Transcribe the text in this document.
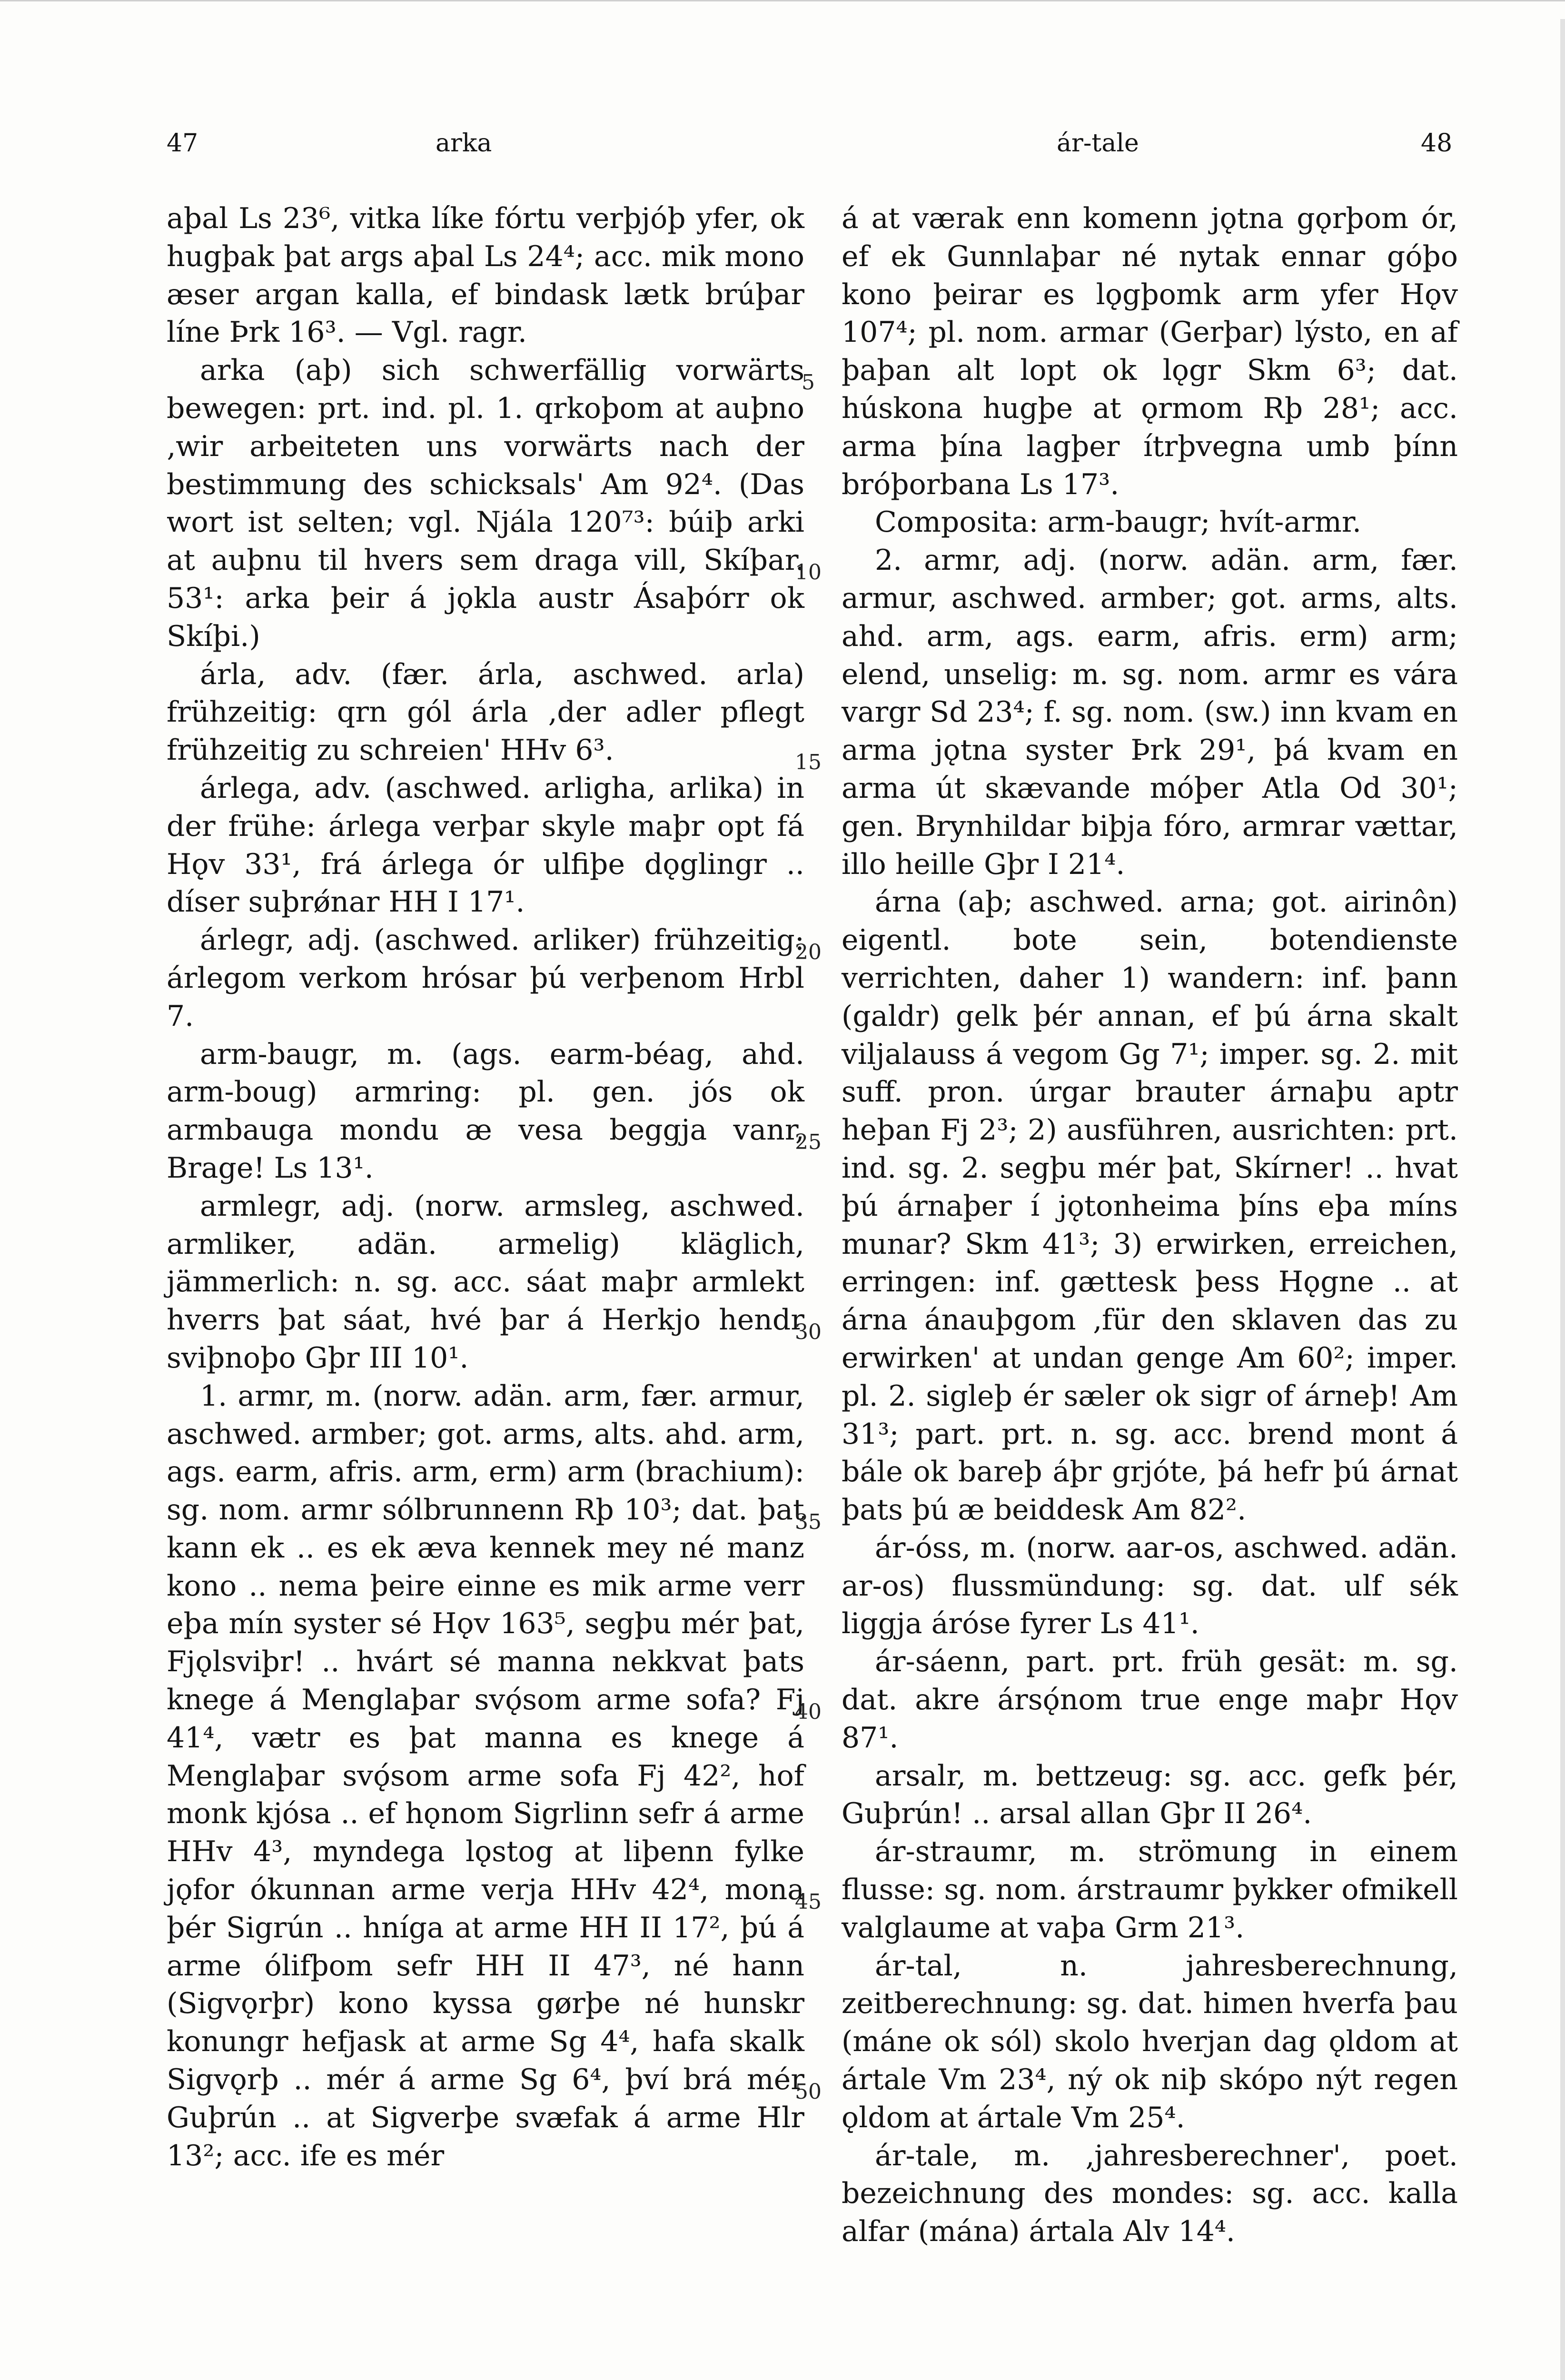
47	arka	ár-tale	48

aþal Ls 23⁶, vitka líke fórtu verþjóþ yfer, ok hugþak þat args aþal Ls 24⁴; acc. mik mono æser argan kalla, ef bindask lætk brúþar líne Þrk 16³. — Vgl. ragr.

arka (aþ) sich schwerfällig vorwärts bewegen: prt. ind. pl. 1. qrkoþom at auþno ‚wir arbeiteten uns vorwärts nach der bestimmung des schicksals' Am 92⁴. (Das wort ist selten; vgl. Njála 120⁷³: búiþ arki at auþnu til hvers sem draga vill, Skíþar. 53¹: arka þeir á jǫkla austr Ásaþórr ok Skíþi.)

árla, adv. (fær. árla, aschwed. arla) frühzeitig: qrn gól árla ‚der adler pflegt frühzeitig zu schreien' HHv 6³.

árlega, adv. (aschwed. arligha, arlika) in der frühe: árlega verþar skyle maþr opt fá Hǫv 33¹, frá árlega ór ulfiþe dǫglingr .. díser suþrǿnar HH I 17¹.

árlegr, adj. (aschwed. arliker) frühzeitig: árlegom verkom hrósar þú verþenom Hrbl 7.

arm-baugr, m. (ags. earm-béag, ahd. arm-boug) armring: pl. gen. jós ok armbauga mondu æ vesa beggja vanr, Brage! Ls 13¹.

armlegr, adj. (norw. armsleg, aschwed. armliker, adän. armelig) kläglich, jämmerlich: n. sg. acc. sáat maþr armlekt hverrs þat sáat, hvé þar á Herkjo hendr sviþnoþo Gþr III 10¹.

1. armr, m. (norw. adän. arm, fær. armur, aschwed. armber; got. arms, alts. ahd. arm, ags. earm, afris. arm, erm) arm (brachium): sg. nom. armr sólbrunnenn Rþ 10³; dat. þat kann ek .. es ek æva kennek mey né manz kono .. nema þeire einne es mik arme verr eþa mín syster sé Hǫv 163⁵, segþu mér þat, Fjǫlsviþr! .. hvárt sé manna nekkvat þats knege á Menglaþar svǫ́som arme sofa? Fj 41⁴, vætr es þat manna es knege á Menglaþar svǫ́som arme sofa Fj 42², hof monk kjósa .. ef hǫnom Sigrlinn sefr á arme HHv 4³, myndega lǫstog at liþenn fylke jǫfor ókunnan arme verja HHv 42⁴, mona þér Sigrún .. hníga at arme HH II 17², þú á arme ólifþom sefr HH II 47³, né hann (Sigvǫrþr) kono kyssa gørþe né hunskr konungr hefjask at arme Sg 4⁴, hafa skalk Sigvǫrþ .. mér á arme Sg 6⁴, því brá mér Guþrún .. at Sigverþe svæfak á arme Hlr 13²; acc. ife es mér

á at værak enn komenn jǫtna gǫrþom ór, ef ek Gunnlaþar né nytak ennar góþo kono þeirar es lǫgþomk arm yfer Hǫv 107⁴; pl. nom. armar (Gerþar) lýsto, en af þaþan alt lopt ok lǫgr Skm 6³; dat. húskona hugþe at ǫrmom Rþ 28¹; acc. arma þína lagþer ítrþvegna umb þínn bróþorbana Ls 17³.

Composita: arm-baugr; hvít-armr.

2. armr, adj. (norw. adän. arm, fær. armur, aschwed. armber; got. arms, alts. ahd. arm, ags. earm, afris. erm) arm; elend, unselig: m. sg. nom. armr es vára vargr Sd 23⁴; f. sg. nom. (sw.) inn kvam en arma jǫtna syster Þrk 29¹, þá kvam en arma út skævande móþer Atla Od 30¹; gen. Brynhildar biþja fóro, armrar vættar, illo heille Gþr I 21⁴.

árna (aþ; aschwed. arna; got. airinôn) eigentl. bote sein, botendienste verrichten, daher 1) wandern: inf. þann (galdr) gelk þér annan, ef þú árna skalt viljalauss á vegom Gg 7¹; imper. sg. 2. mit suff. pron. úrgar brauter árnaþu aptr heþan Fj 2³; 2) ausführen, ausrichten: prt. ind. sg. 2. segþu mér þat, Skírner! .. hvat þú árnaþer í jǫtonheima þíns eþa míns munar? Skm 41³; 3) erwirken, erreichen, erringen: inf. gættesk þess Hǫgne .. at árna ánauþgom ‚für den sklaven das zu erwirken' at undan genge Am 60²; imper. pl. 2. sigleþ ér sæler ok sigr of árneþ! Am 31³; part. prt. n. sg. acc. brend mont á bále ok bareþ áþr grjóte, þá hefr þú árnat þats þú æ beiddesk Am 82².

ár-óss, m. (norw. aar-os, aschwed. adän. ar-os) flussmündung: sg. dat. ulf sék liggja áróse fyrer Ls 41¹.

ár-sáenn, part. prt. früh gesät: m. sg. dat. akre ársǫ́nom true enge maþr Hǫv 87¹.

arsalr, m. bettzeug: sg. acc. gefk þér, Guþrún! .. arsal allan Gþr II 26⁴.

ár-straumr, m. strömung in einem flusse: sg. nom. árstraumr þykker ofmikell valglaume at vaþa Grm 21³.

ár-tal, n. jahresberechnung, zeitberechnung: sg. dat. himen hverfa þau (máne ok sól) skolo hverjan dag ǫldom at ártale Vm 23⁴, ný ok niþ skópo nýt regen ǫldom at ártale Vm 25⁴.

ár-tale, m. ‚jahresberechner', poet. bezeichnung des mondes: sg. acc. kalla alfar (mána) ártala Alv 14⁴.

5
10
15
20
25
30
35
40
45
50
